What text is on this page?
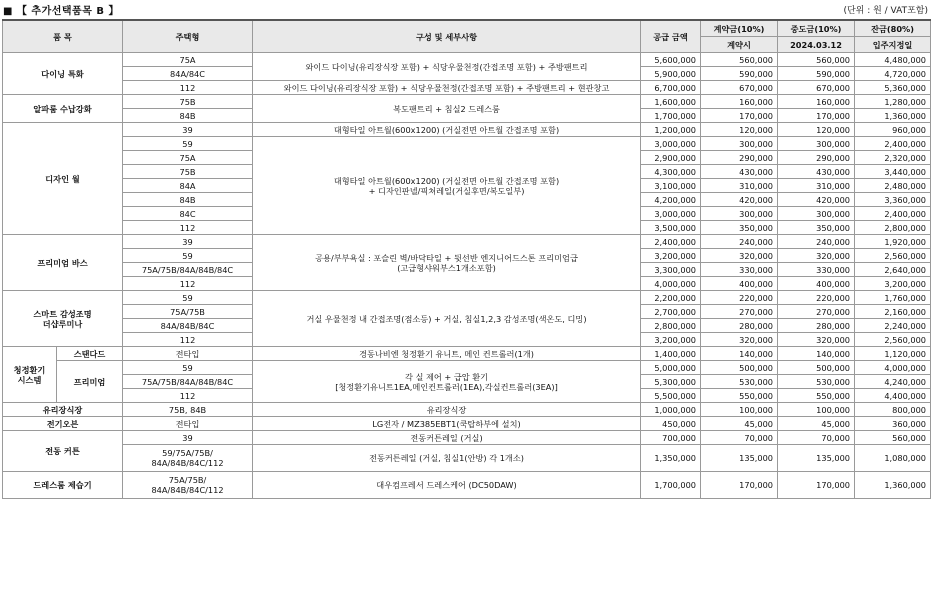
■ 【 추가선택품목 B 】	(단위 : 원 / VAT포함)
품 목		주택형	구성 및 세부사항	공급 금액	계약금(10%)	중도금(10%)	잔금(80%)
					계약시	2024.03.12	입주지정일
다이닝 특화		75A	와이드 다이닝(유리장식장 포함) + 식당우물천정(간접조명 포함) + 주방팬트리	5,600,000	560,000	560,000	4,480,000
		84A/84C		5,900,000	590,000	590,000	4,720,000
		112	와이드 다이닝(유리장식장 포함) + 식당우물천정(간접조명 포함) + 주방팬트리 + 현관창고	6,700,000	670,000	670,000	5,360,000
알파룸 수납강화		75B	복도팬트리 + 침실2 드레스룸	1,600,000	160,000	160,000	1,280,000
		84B		1,700,000	170,000	170,000	1,360,000
디자인 월		39	대형타일 아트월(600x1200) (거실전면 아트월 간접조명 포함)	1,200,000	120,000	120,000	960,000
		59	대형타일 아트월(600x1200) (거실전면 아트월 간접조명 포함)
+ 디자인판넬/픽쳐레일(거실후면/복도일부)	3,000,000	300,000	300,000	2,400,000
		75A		2,900,000	290,000	290,000	2,320,000
		75B		4,300,000	430,000	430,000	3,440,000
		84A		3,100,000	310,000	310,000	2,480,000
		84B		4,200,000	420,000	420,000	3,360,000
		84C		3,000,000	300,000	300,000	2,400,000
		112		3,500,000	350,000	350,000	2,800,000
프리미엄 바스		39	공용/부부욕실 : 포슬린 벽/바닥타일 + 뒷선반 엔지니어드스톤 프리미엄급
(고급형샤워부스1개소포함)	2,400,000	240,000	240,000	1,920,000
		59		3,200,000	320,000	320,000	2,560,000
		75A/75B/84A/84B/84C		3,300,000	330,000	330,000	2,640,000
		112		4,000,000	400,000	400,000	3,200,000
스마트 감성조명
더샵루미나		59	거실 우물천정 내 간접조명(점소등) + 거실, 침실1,2,3 감성조명(색온도, 디밍)	2,200,000	220,000	220,000	1,760,000
		75A/75B		2,700,000	270,000	270,000	2,160,000
		84A/84B/84C		2,800,000	280,000	280,000	2,240,000
		112		3,200,000	320,000	320,000	2,560,000
청정환기
시스템	스탠다드	전타입	경동나비엔 청정환기 유니트, 메인 컨트롤러(1개)	1,400,000	140,000	140,000	1,120,000
	프리미엄	59	각 실 제어 + 급압 환기
[청정환기유니트1EA,메인컨트롤러(1EA),각실컨트롤러(3EA)]	5,000,000	500,000	500,000	4,000,000
		75A/75B/84A/84B/84C		5,300,000	530,000	530,000	4,240,000
		112		5,500,000	550,000	550,000	4,400,000
유리장식장		75B, 84B	유리장식장	1,000,000	100,000	100,000	800,000
전기오븐		전타입	LG전자 / MZ385EBT1(쿡탑하부에 설치)	450,000	45,000	45,000	360,000
전동 커튼		39	전동커튼레일 (거실)	700,000	70,000	70,000	560,000
		59/75A/75B/
84A/84B/84C/112	전동커튼레일 (거실, 침실1(안방) 각 1개소)	1,350,000	135,000	135,000	1,080,000
드레스룸 제습기		75A/75B/
84A/84B/84C/112	대우컴프레서 드레스케어 (DC50DAW)	1,700,000	170,000	170,000	1,360,000
